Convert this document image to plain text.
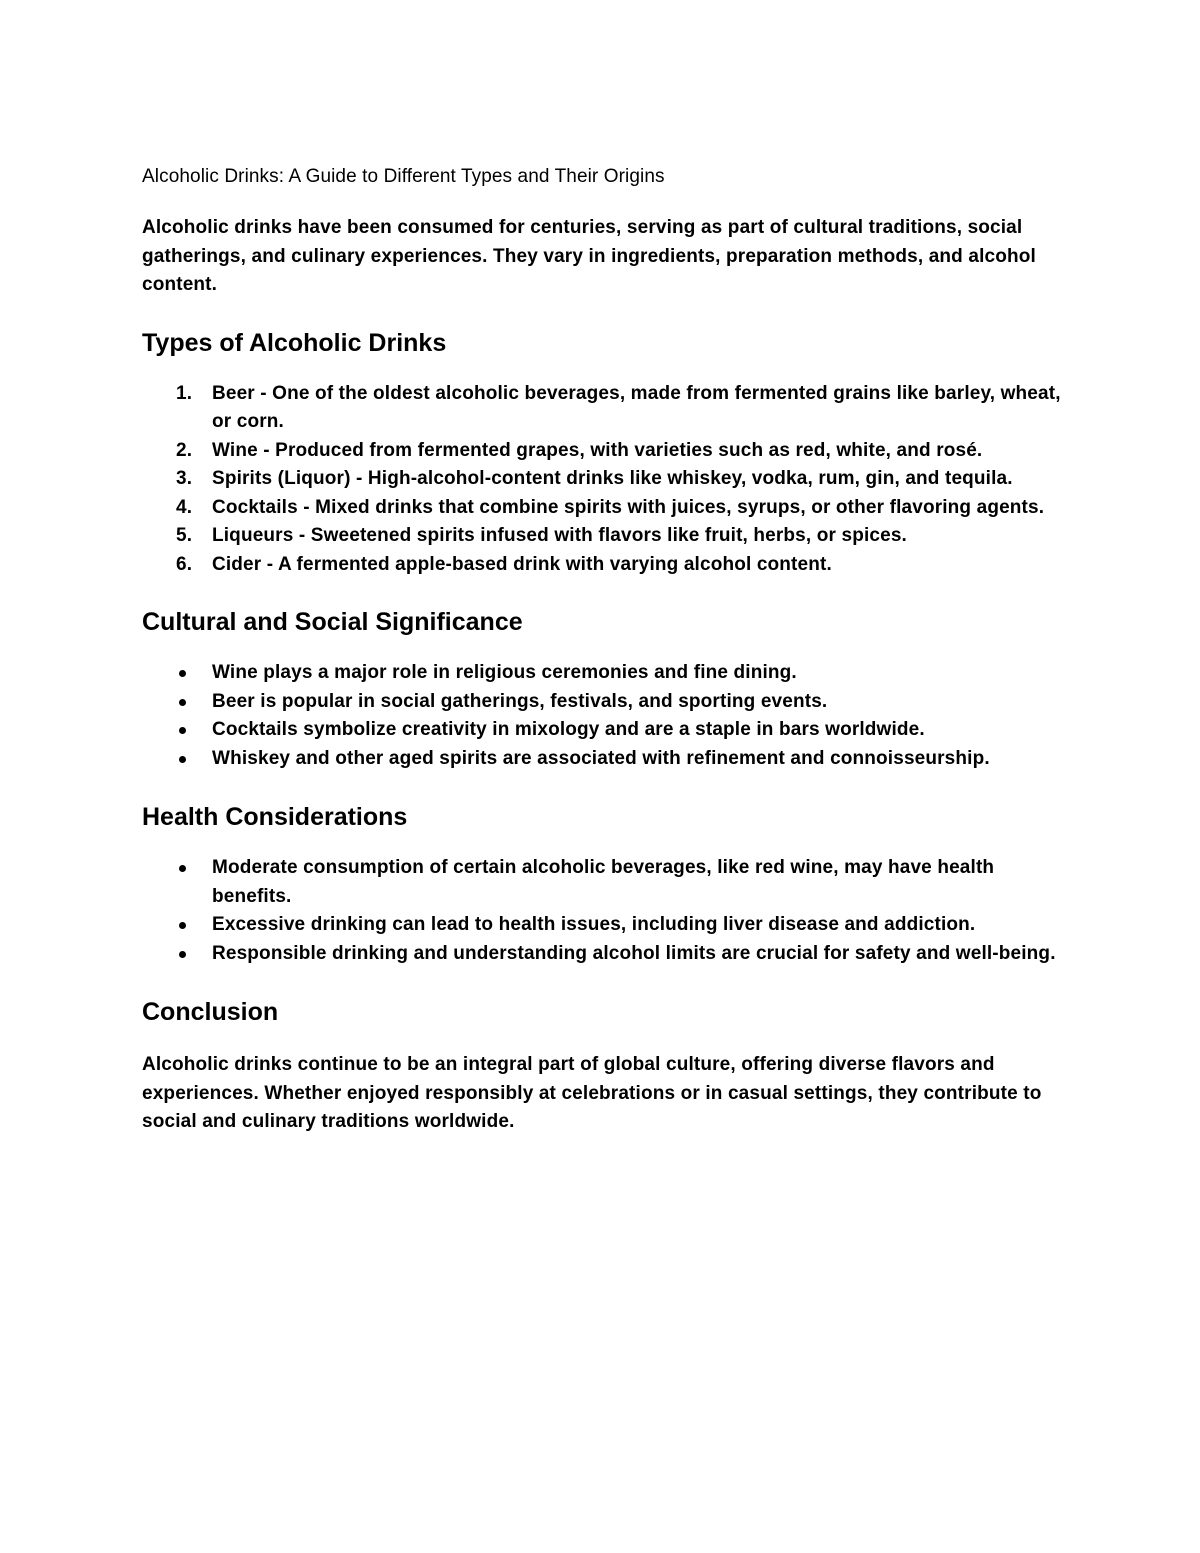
Alcoholic Drinks: A Guide to Different Types and Their Origins

Alcoholic drinks have been consumed for centuries, serving as part of cultural traditions, social gatherings, and culinary experiences. They vary in ingredients, preparation methods, and alcohol content.

Types of Alcoholic Drinks
1. Beer - One of the oldest alcoholic beverages, made from fermented grains like barley, wheat, or corn.
2. Wine - Produced from fermented grapes, with varieties such as red, white, and rosé.
3. Spirits (Liquor) - High-alcohol-content drinks like whiskey, vodka, rum, gin, and tequila.
4. Cocktails - Mixed drinks that combine spirits with juices, syrups, or other flavoring agents.
5. Liqueurs - Sweetened spirits infused with flavors like fruit, herbs, or spices.
6. Cider - A fermented apple-based drink with varying alcohol content.
Cultural and Social Significance
Wine plays a major role in religious ceremonies and fine dining.
Beer is popular in social gatherings, festivals, and sporting events.
Cocktails symbolize creativity in mixology and are a staple in bars worldwide.
Whiskey and other aged spirits are associated with refinement and connoisseurship.
Health Considerations
Moderate consumption of certain alcoholic beverages, like red wine, may have health benefits.
Excessive drinking can lead to health issues, including liver disease and addiction.
Responsible drinking and understanding alcohol limits are crucial for safety and well-being.
Conclusion

Alcoholic drinks continue to be an integral part of global culture, offering diverse flavors and experiences. Whether enjoyed responsibly at celebrations or in casual settings, they contribute to social and culinary traditions worldwide.
